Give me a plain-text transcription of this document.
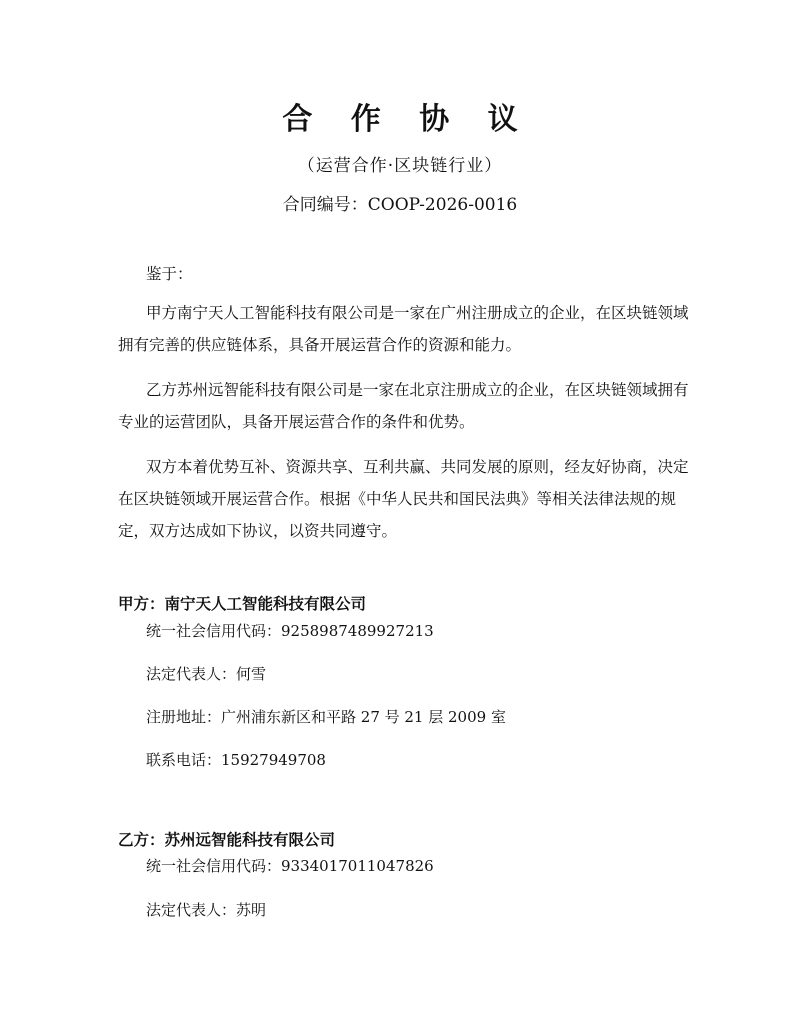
合 作 协 议
（运营合作·区块链行业）
合同编号：COOP-2026-0016
鉴于：
甲方南宁天人工智能科技有限公司是一家在广州注册成立的企业，在区块链领域拥有完善的供应链体系，具备开展运营合作的资源和能力。
乙方苏州远智能科技有限公司是一家在北京注册成立的企业，在区块链领域拥有专业的运营团队，具备开展运营合作的条件和优势。
双方本着优势互补、资源共享、互利共赢、共同发展的原则，经友好协商，决定在区块链领域开展运营合作。根据《中华人民共和国民法典》等相关法律法规的规定，双方达成如下协议，以资共同遵守。
甲方：南宁天人工智能科技有限公司
统一社会信用代码：9258987489927213
法定代表人：何雪
注册地址：广州浦东新区和平路 27 号 21 层 2009 室
联系电话：15927949708
乙方：苏州远智能科技有限公司
统一社会信用代码：9334017011047826
法定代表人：苏明
